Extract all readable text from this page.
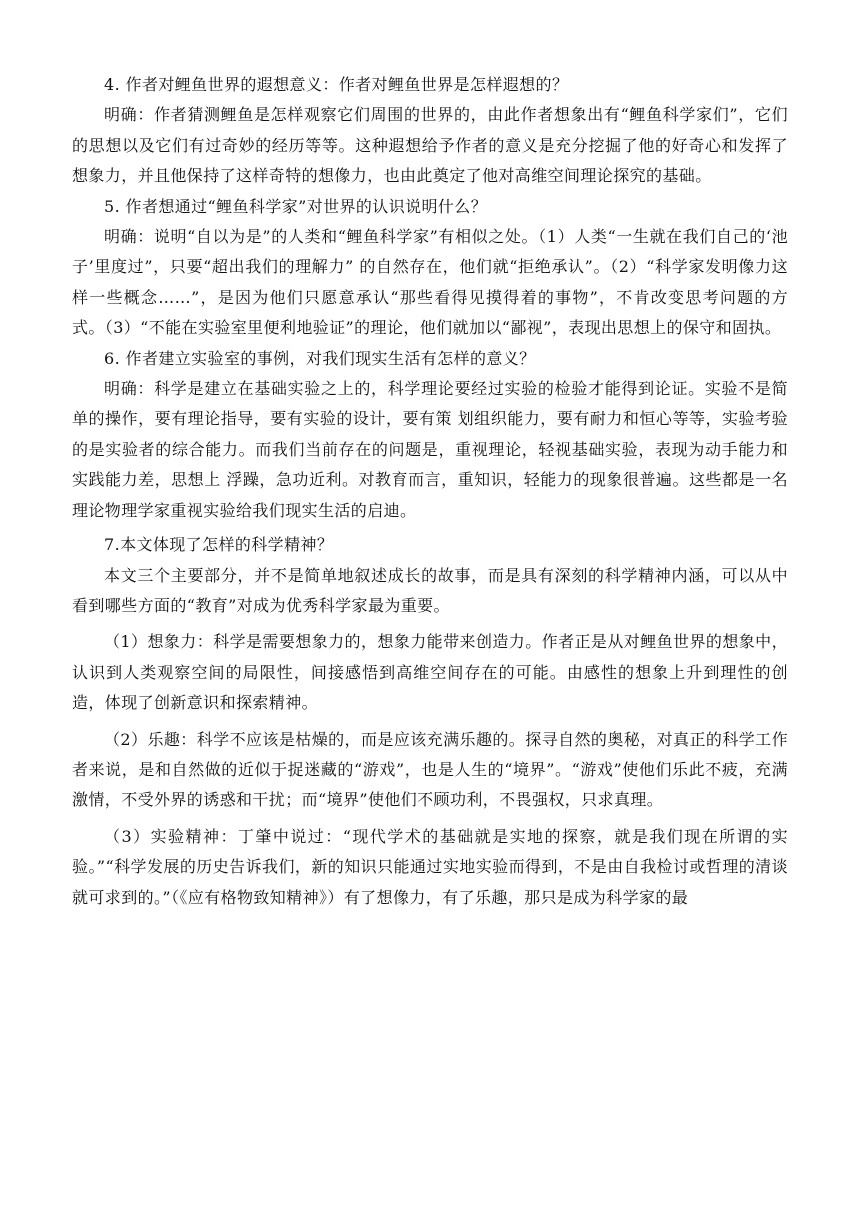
4. 作者对鲤鱼世界的遐想意义：作者对鲤鱼世界是怎样遐想的？

明确：作者猜测鲤鱼是怎样观察它们周围的世界的，由此作者想象出有“鲤鱼科学家们”，它们的思想以及它们有过奇妙的经历等等。这种遐想给予作者的意义是充分挖掘了他的好奇心和发挥了想象力，并且他保持了这样奇特的想像力，也由此奠定了他对高维空间理论探究的基础。

5. 作者想通过“鲤鱼科学家”对世界的认识说明什么？

明确：说明“自以为是”的人类和“鲤鱼科学家”有相似之处。（1）人类“一生就在我们自己的‘池子’里度过”，只要“超出我们的理解力” 的自然存在，他们就“拒绝承认”。（2）“科学家发明像力这样一些概念……”，是因为他们只愿意承认“那些看得见摸得着的事物”，不肯改变思考问题的方 式。（3）“不能在实验室里便利地验证”的理论，他们就加以“鄙视”，表现出思想上的保守和固执。

6. 作者建立实验室的事例，对我们现实生活有怎样的意义？

明确：科学是建立在基础实验之上的，科学理论要经过实验的检验才能得到论证。实验不是简单的操作，要有理论指导，要有实验的设计，要有策 划组织能力，要有耐力和恒心等等，实验考验的是实验者的综合能力。而我们当前存在的问题是，重视理论，轻视基础实验，表现为动手能力和实践能力差，思想上 浮躁，急功近利。对教育而言，重知识，轻能力的现象很普遍。这些都是一名理论物理学家重视实验给我们现实生活的启迪。

7.本文体现了怎样的科学精神？

本文三个主要部分，并不是简单地叙述成长的故事，而是具有深刻的科学精神内涵，可以从中看到哪些方面的“教育”对成为优秀科学家最为重要。

（1）想象力：科学是需要想象力的，想象力能带来创造力。作者正是从对鲤鱼世界的想象中，认识到人类观察空间的局限性，间接感悟到高维空间存在的可能。由感性的想象上升到理性的创造，体现了创新意识和探索精神。

（2）乐趣：科学不应该是枯燥的，而是应该充满乐趣的。探寻自然的奥秘，对真正的科学工作者来说，是和自然做的近似于捉迷藏的“游戏”，也是人生的“境界”。“游戏”使他们乐此不疲，充满激情，不受外界的诱惑和干扰；而“境界”使他们不顾功利，不畏强权，只求真理。

（3）实验精神：丁肇中说过：“现代学术的基础就是实地的探察，就是我们现在所谓的实验。”“科学发展的历史告诉我们，新的知识只能通过实地实验而得到，不是由自我检讨或哲理的清谈就可求到的。”（《应有格物致知精神》）有了想像力，有了乐趣，那只是成为科学家的最
